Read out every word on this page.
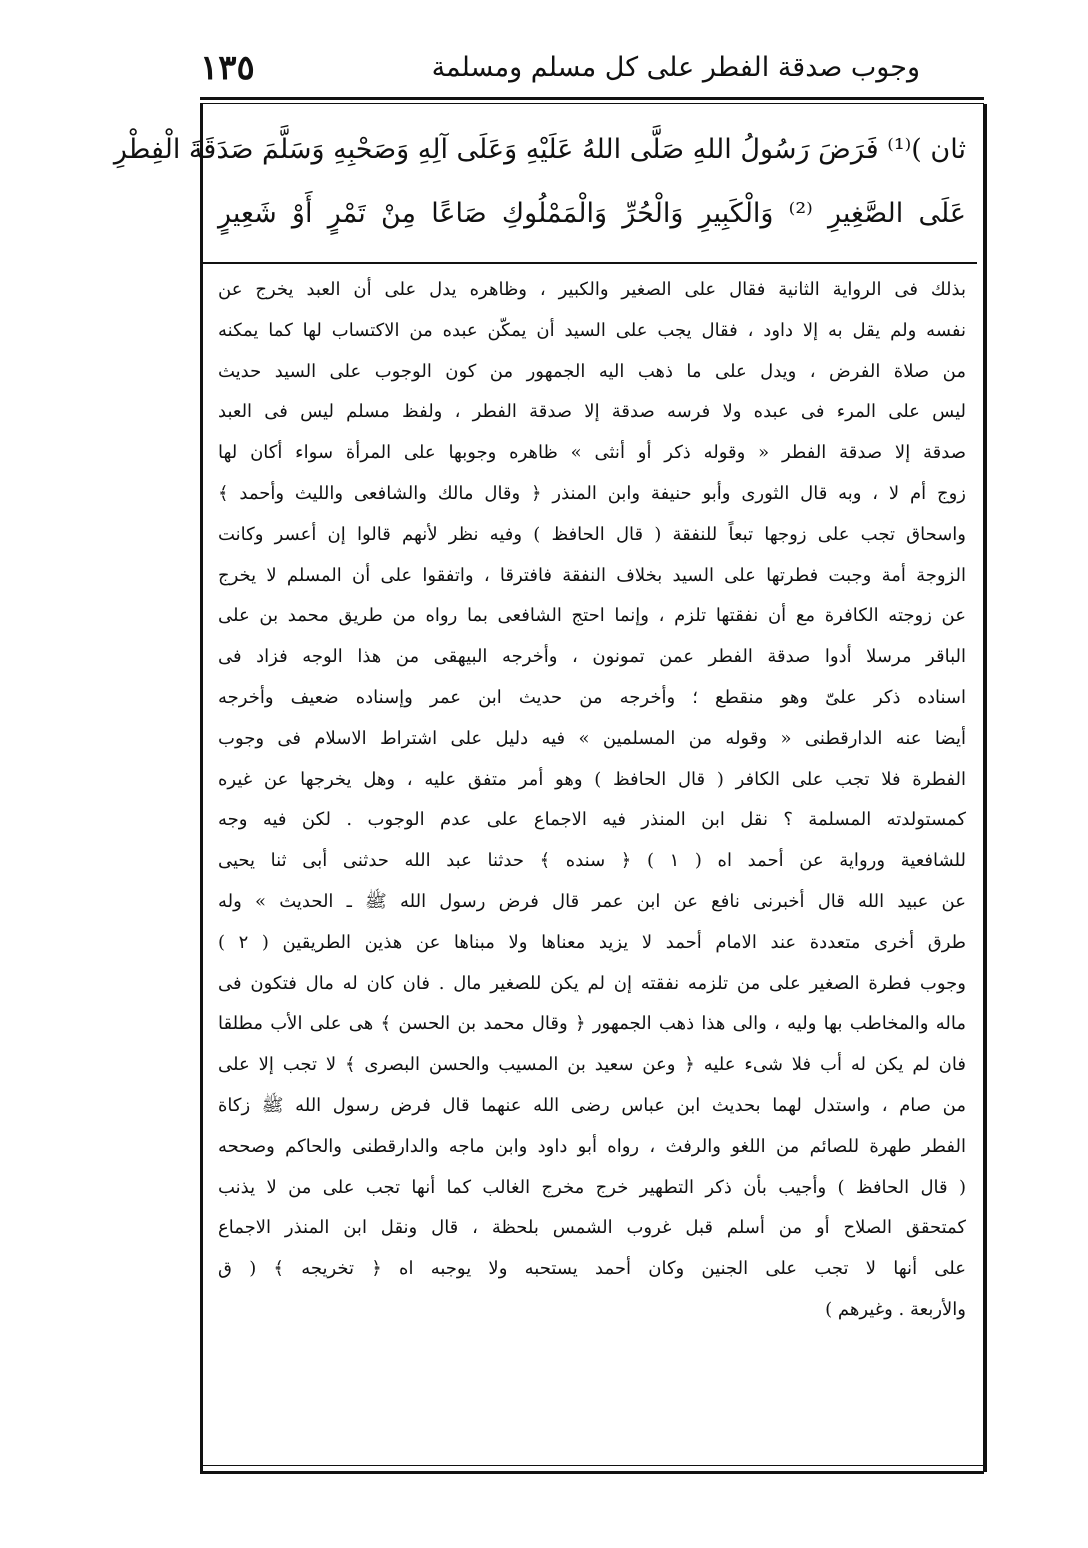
وجوب صدقة الفطر على كل مسلم ومسلمة
١٣٥

ثان )⁽¹⁾ فَرَضَ رَسُولُ اللهِ صَلَّى اللهُ عَلَيْهِ وَعَلَى آلِهِ وَصَحْبِهِ وَسَلَّمَ صَدَقَةَ الْفِطْرِ

عَلَى الصَّغِيرِ ⁽²⁾ وَالْكَبِيرِ وَالْحُرِّ وَالْمَمْلُوكِ صَاعًا مِنْ تَمْرٍ أَوْ شَعِيرٍ

بذلك فى الرواية الثانية فقال على الصغير والكبير ، وظاهره يدل على أن العبد يخرج عن

نفسه ولم يقل به إلا داود ، فقال يجب على السيد أن يمكّن عبده من الاكتساب لها كما يمكنه

من صلاة الفرض ، ويدل على ما ذهب اليه الجمهور من كون الوجوب على السيد حديث

ليس على المرء فى عبده ولا فرسه صدقة إلا صدقة الفطر ، ولفظ مسلم ليس فى العبد

صدقة إلا صدقة الفطر « وقوله ذكر أو أنثى » ظاهره وجوبها على المرأة سواء أكان لها

زوج أم لا ، وبه قال الثورى وأبو حنيفة وابن المنذر ﴿ وقال مالك والشافعى والليث وأحمد ﴾

واسحاق تجب على زوجها تبعاً للنفقة ( قال الحافظ ) وفيه نظر لأنهم قالوا إن أعسر وكانت

الزوجة أمة وجبت فطرتها على السيد بخلاف النفقة فافترقا ، واتفقوا على أن المسلم لا يخرج

عن زوجته الكافرة مع أن نفقتها تلزم ، وإنما احتج الشافعى بما رواه من طريق محمد بن على

الباقر مرسلا أدوا صدقة الفطر عمن تمونون ، وأخرجه البيهقى من هذا الوجه فزاد فى

اسناده ذكر علىّ وهو منقطع ؛ وأخرجه من حديث ابن عمر وإسناده ضعيف وأخرجه

أيضا عنه الدارقطنى « وقوله من المسلمين » فيه دليل على اشتراط الاسلام فى وجوب

الفطرة فلا تجب على الكافر ( قال الحافظ ) وهو أمر متفق عليه ، وهل يخرجها عن غيره

كمستولدته المسلمة ؟ نقل ابن المنذر فيه الاجماع على عدم الوجوب . لكن فيه وجه

للشافعية ورواية عن أحمد اه ( ١ ) ﴿ سنده ﴾ حدثنا عبد الله حدثنى أبى ثنا يحيى

عن عبيد الله قال أخبرنى نافع عن ابن عمر قال فرض رسول الله ﷺ ـ الحديث » وله

طرق أخرى متعددة عند الامام أحمد لا يزيد معناها ولا مبناها عن هذين الطريقين ( ٢ )

وجوب فطرة الصغير على من تلزمه نفقته إن لم يكن للصغير مال . فان كان له مال فتكون فى

ماله والمخاطب بها وليه ، والى هذا ذهب الجمهور ﴿ وقال محمد بن الحسن ﴾ هى على الأب مطلقا

فان لم يكن له أب فلا شىء عليه ﴿ وعن سعيد بن المسيب والحسن البصرى ﴾ لا تجب إلا على

من صام ، واستدل لهما بحديث ابن عباس رضى الله عنهما قال فرض رسول الله ﷺ زكاة

الفطر طهرة للصائم من اللغو والرفث ، رواه أبو داود وابن ماجه والدارقطنى والحاكم وصححه

( قال الحافظ ) وأجيب بأن ذكر التطهير خرج مخرج الغالب كما أنها تجب على من لا يذنب

كمتحقق الصلاح أو من أسلم قبل غروب الشمس بلحظة ، قال ونقل ابن المنذر الاجماع

على أنها لا تجب على الجنين وكان أحمد يستحبه ولا يوجبه اه ﴿ تخريجه ﴾ ( ق

والأربعة . وغيرهم )
